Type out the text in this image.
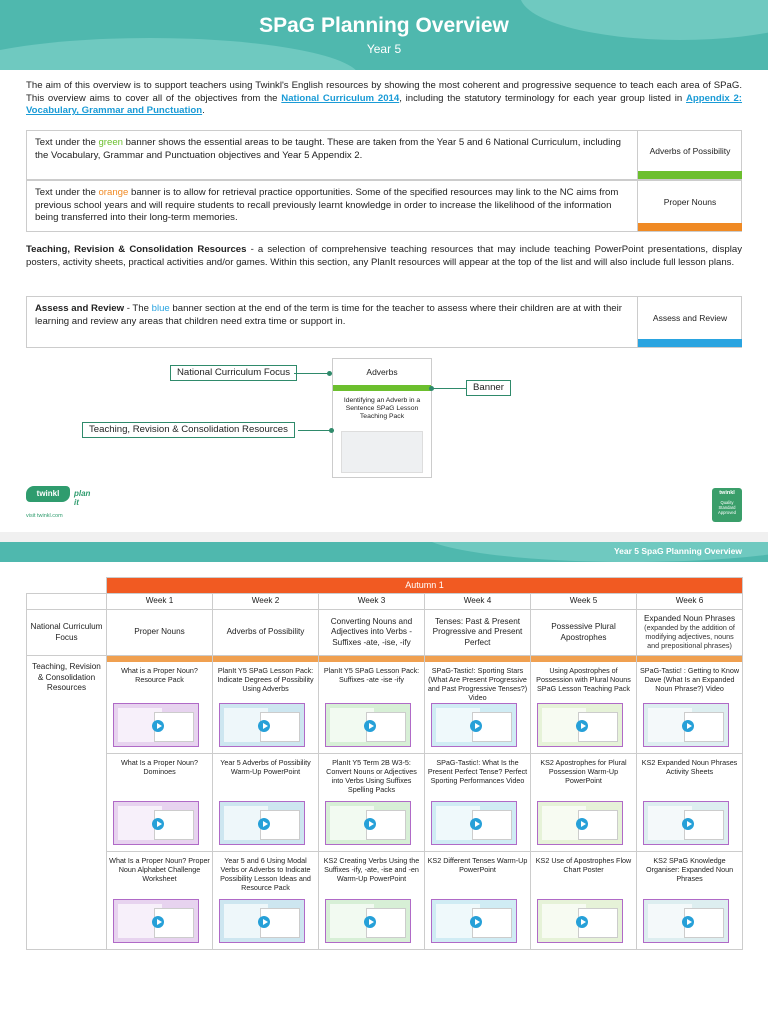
SPaG Planning Overview
Year 5

The aim of this overview is to support teachers using Twinkl's English resources by showing the most coherent and progressive sequence to teach each area of SPaG. This overview aims to cover all of the objectives from the National Curriculum 2014, including the statutory terminology for each year group listed in Appendix 2: Vocabulary, Grammar and Punctuation.

Text under the green banner shows the essential areas to be taught. These are taken from the Year 5 and 6 National Curriculum, including the Vocabulary, Grammar and Punctuation objectives and Year 5 Appendix 2.	Adverbs of Possibility
Text under the orange banner is to allow for retrieval practice opportunities. Some of the specified resources may link to the NC aims from previous school years and will require students to recall previously learnt knowledge in order to increase the likelihood of the information being transferred into their long-term memories.
Proper Nouns

Teaching, Revision & Consolidation Resources - a selection of comprehensive teaching resources that may include teaching PowerPoint presentations, display posters, activity sheets, practical activities and/or games. Within this section, any PlanIt resources will appear at the top of the list and will also include full lesson plans.

Assess and Review - The blue banner section at the end of the term is time for the teacher to assess where their children are at with their learning and review any areas that children need extra time or support in.	Assess and Review
National Curriculum Focus	Adverbs
Identifying an Adverb in a Sentence SPaG Lesson Teaching Pack
Banner
Teaching, Revision & Consolidation Resources
twinkl	plan it
visit twinkl.com
twinkl
Quality Standard Approved
Year 5 SpaG Planning Overview
	Autumn 1					
	Week 1	Week 2	Week 3	Week 4	Week 5	Week 6
National Curriculum Focus	Proper Nouns	Adverbs of Possibility	Converting Nouns and Adjectives into Verbs - Suffixes -ate, -ise, -ify	Tenses: Past & Present Progressive and Present Perfect	Possessive Plural Apostrophes	Expanded Noun Phrases
(expanded by the addition of modifying adjectives, nouns and prepositional phrases)

Teaching, Revision & Consolidation Resources	What is a Proper Noun? Resource Pack	PlanIt Y5 SPaG Lesson Pack: Indicate Degrees of Possibility Using Adverbs	PlanIt Y5 SPaG Lesson Pack: Suffixes -ate -ise -ify	SPaG-Tastic!: Sporting Stars (What Are Present Progressive and Past Progressive Tenses?) Video	Using Apostrophes of Possession with Plural Nouns SPaG Lesson Teaching Pack	SPaG-Tastic! : Getting to Know Dave (What Is an Expanded Noun Phrase?) Video

	What Is a Proper Noun? Dominoes	Year 5 Adverbs of Possibility Warm-Up PowerPoint	PlanIt Y5 Term 2B W3-5: Convert Nouns or Adjectives into Verbs Using Suffixes Spelling Packs	SPaG-Tastic!: What Is the Present Perfect Tense? Perfect Sporting Performances Video	KS2 Apostrophes for Plural Possession Warm-Up PowerPoint	KS2 Expanded Noun Phrases Activity Sheets

	What Is a Proper Noun? Proper Noun Alphabet Challenge Worksheet	Year 5 and 6 Using Modal Verbs or Adverbs to Indicate Possibility Lesson Ideas and Resource Pack	KS2 Creating Verbs Using the Suffixes -ify, -ate, -ise and -en Warm-Up PowerPoint	KS2 Different Tenses Warm-Up PowerPoint	KS2 Use of Apostrophes Flow Chart Poster	KS2 SPaG Knowledge Organiser: Expanded Noun Phrases
